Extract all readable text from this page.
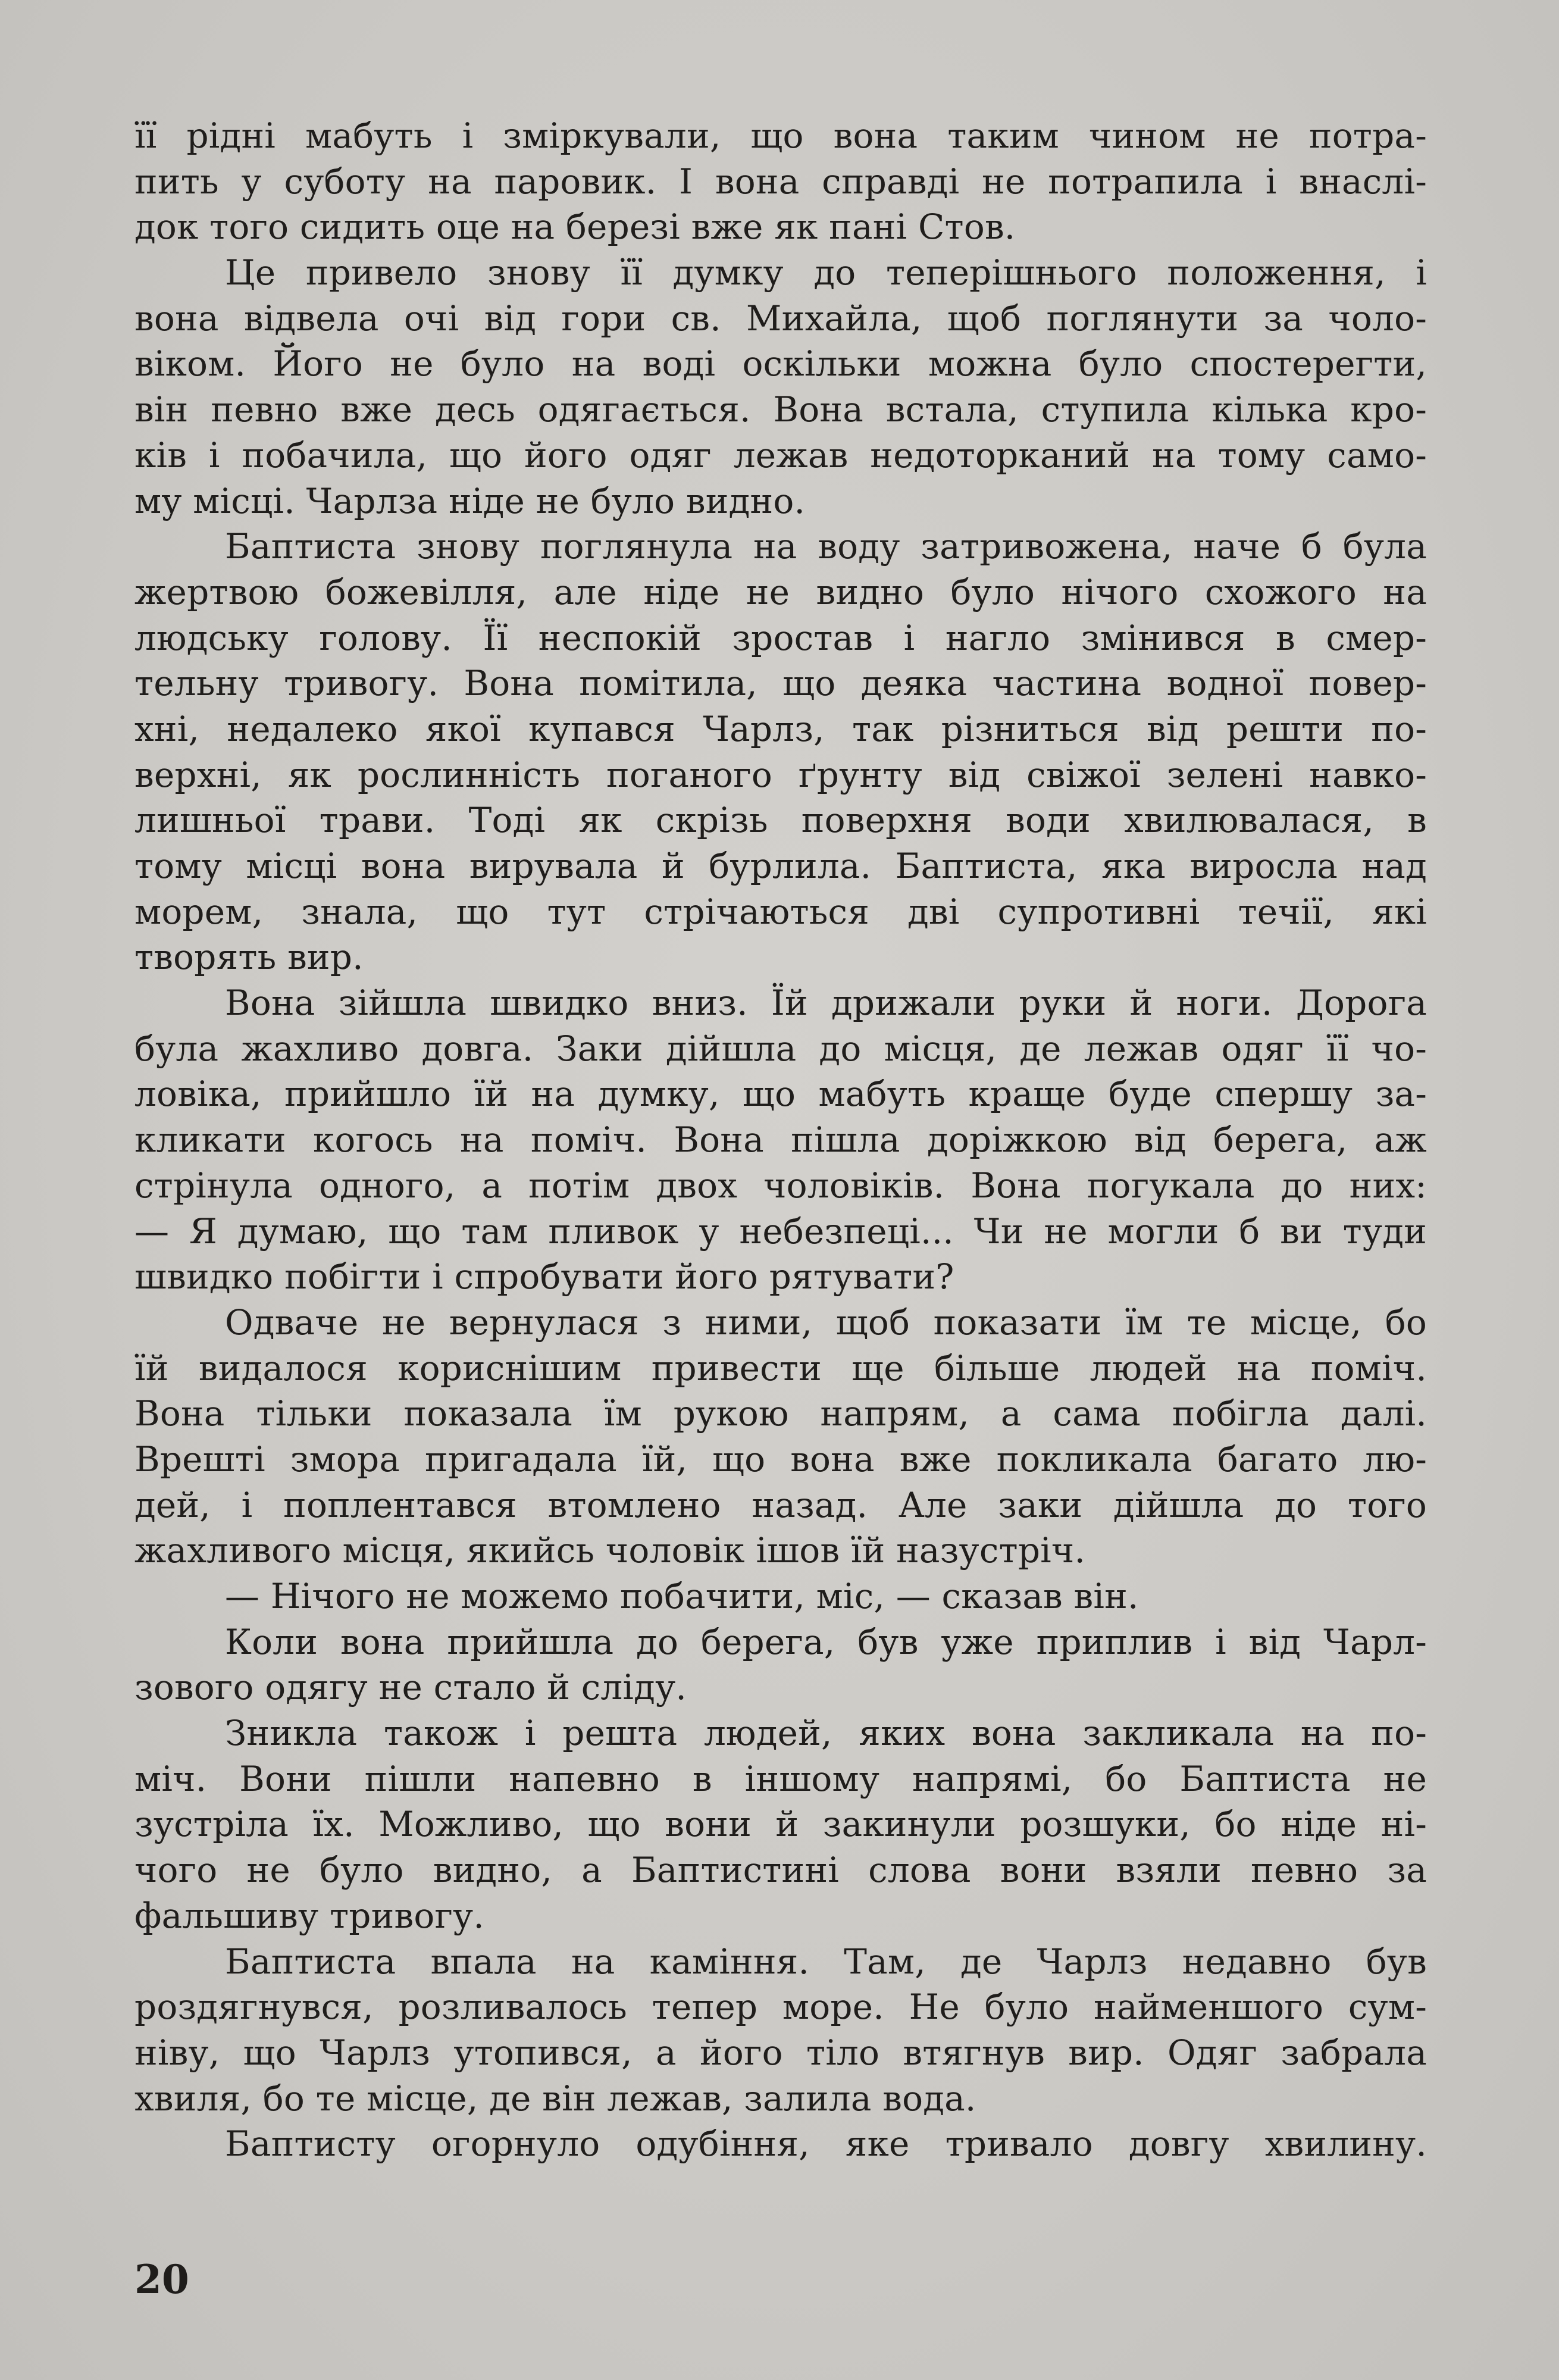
її рідні мабуть і зміркували, що вона таким чином не потра-
пить у суботу на паровик. І вона справді не потрапила і внаслі-
док того сидить оце на березі вже як пані Стов.
Це привело знову її думку до теперішнього положення, і
вона відвела очі від гори св. Михайла, щоб поглянути за чоло-
віком. Його не було на воді оскільки можна було спостерегти,
він певно вже десь одягається. Вона встала, ступила кілька кро-
ків і побачила, що його одяг лежав недоторканий на тому само-
му місці. Чарлза ніде не було видно.
Баптиста знову поглянула на воду затривожена, наче б була
жертвою божевілля, але ніде не видно було нічого схожого на
людську голову. Її неспокій зростав і нагло змінився в смер-
тельну тривогу. Вона помітила, що деяка частина водної повер-
хні, недалеко якої купався Чарлз, так різниться від решти по-
верхні, як рослинність поганого ґрунту від свіжої зелені навко-
лишньої трави. Тоді як скрізь поверхня води хвилювалася, в
тому місці вона вирувала й бурлила. Баптиста, яка виросла над
морем, знала, що тут стрічаються дві супротивні течії, які
творять вир.
Вона зійшла швидко вниз. Їй дрижали руки й ноги. Дорога
була жахливо довга. Заки дійшла до місця, де лежав одяг її чо-
ловіка, прийшло їй на думку, що мабуть краще буде спершу за-
кликати когось на поміч. Вона пішла доріжкою від берега, аж
стрінула одного, а потім двох чоловіків. Вона погукала до них:
— Я думаю, що там пливок у небезпеці... Чи не могли б ви туди
швидко побігти і спробувати його рятувати?
Одваче не вернулася з ними, щоб показати їм те місце, бо
їй видалося кориснішим привести ще більше людей на поміч.
Вона тільки показала їм рукою напрям, а сама побігла далі.
Врешті змора пригадала їй, що вона вже покликала багато лю-
дей, і поплентався втомлено назад. Але заки дійшла до того
жахливого місця, якийсь чоловік ішов їй назустріч.
— Нічого не можемо побачити, міс, — сказав він.
Коли вона прийшла до берега, був уже приплив і від Чарл-
зового одягу не стало й сліду.
Зникла також і решта людей, яких вона закликала на по-
міч. Вони пішли напевно в іншому напрямі, бо Баптиста не
зустріла їх. Можливо, що вони й закинули розшуки, бо ніде ні-
чого не було видно, а Баптистині слова вони взяли певно за
фальшиву тривогу.
Баптиста впала на каміння. Там, де Чарлз недавно був
роздягнувся, розливалось тепер море. Не було найменшого сум-
ніву, що Чарлз утопився, а його тіло втягнув вир. Одяг забрала
хвиля, бо те місце, де він лежав, залила вода.
Баптисту огорнуло одубіння, яке тривало довгу хвилину.
20
